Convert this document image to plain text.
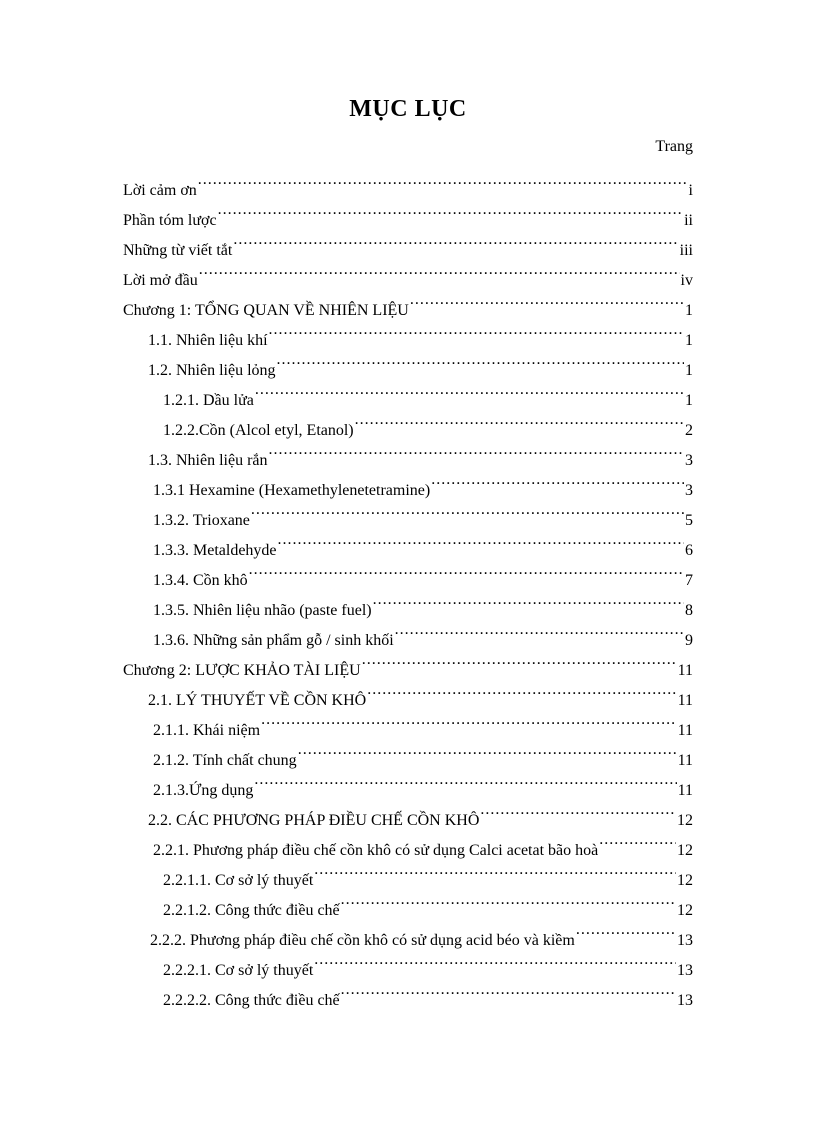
MỤC LỤC
Trang
Lời cảm ơn . . .	i
Phần tóm lược . . .	ii
Những từ viết tắt . . .	iii
Lời mở đầu . . .	iv
Chương 1: TỔNG QUAN VỀ NHIÊN LIỆU . . .	1
1.1. Nhiên liệu khí . . .	1
1.2. Nhiên liệu lỏng . . .	1
1.2.1. Dầu lửa . . .	1
1.2.2.Cồn (Alcol etyl, Etanol) . . .	2
1.3. Nhiên liệu rắn . . .	3
1.3.1 Hexamine (Hexamethylenetetramine) . . .	3
1.3.2. Trioxane . . .	5
1.3.3. Metaldehyde . . .	6
1.3.4. Cồn khô . . .	7
1.3.5. Nhiên liệu nhão (paste fuel) . . .	8
1.3.6. Những sản phẩm gỗ / sinh khối . . .	9
Chương 2: LƯỢC KHẢO TÀI LIỆU . . .	11
2.1. LÝ THUYẾT VỀ CỒN KHÔ . . .	11
2.1.1. Khái niệm . . .	11
2.1.2. Tính chất chung . . .	11
2.1.3.Ứng dụng . . .	11
2.2. CÁC PHƯƠNG PHÁP ĐIỀU CHẾ CỒN KHÔ . . .	12
2.2.1. Phương pháp điều chế cồn khô có sử dụng Calci acetat bão hoà . . .	12
2.2.1.1. Cơ sở lý thuyết . . .	12
2.2.1.2. Công thức điều chế . . .	12
2.2.2. Phương pháp điều chế cồn khô có sử dụng acid béo và kiềm . . .	13
2.2.2.1. Cơ sở lý thuyết . . .	13
2.2.2.2. Công thức điều chế . . .	13
